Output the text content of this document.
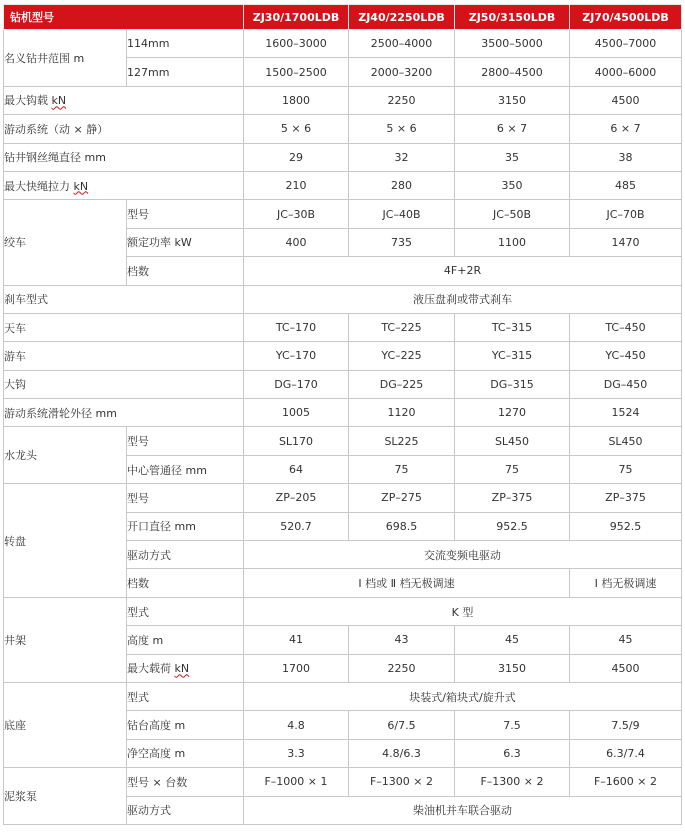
钻机型号		ZJ30/1700LDB	ZJ40/2250LDB	ZJ50/3150LDB	ZJ70/4500LDB
名义钻井范围 m	114mm	1600–3000	2500–4000	3500–5000	4500–7000
	127mm	1500–2500	2000–3200	2800–4500	4000–6000
最大钩载 kN		1800	2250	3150	4500
游动系统（动 × 静）		5 × 6	5 × 6	6 × 7	6 × 7
钻井钢丝绳直径 mm		29	32	35	38
最大快绳拉力 kN		210	280	350	485
绞车	型号	JC–30B	JC–40B	JC–50B	JC–70B
	额定功率 kW	400	735	1100	1470
	档数	4F+2R			
刹车型式		液压盘刹或带式刹车			
天车		TC–170	TC–225	TC–315	TC–450
游车		YC–170	YC–225	YC–315	YC–450
大钩		DG–170	DG–225	DG–315	DG–450
游动系统滑轮外径 mm		1005	1120	1270	1524
水龙头	型号	SL170	SL225	SL450	SL450
	中心管通径 mm	64	75	75	75
转盘	型号	ZP–205	ZP–275	ZP–375	ZP–375
	开口直径 mm	520.7	698.5	952.5	952.5
	驱动方式	交流变频电驱动			
	档数	Ⅰ 档或 Ⅱ 档无极调速			Ⅰ 档无极调速
井架	型式	K 型			
	高度 m	41	43	45	45
	最大载荷 kN	1700	2250	3150	4500
底座	型式	块装式/箱块式/旋升式			
	钻台高度 m	4.8	6/7.5	7.5	7.5/9
	净空高度 m	3.3	4.8/6.3	6.3	6.3/7.4
泥浆泵	型号 × 台数	F–1000 × 1	F–1300 × 2	F–1300 × 2	F–1600 × 2
	驱动方式	柴油机并车联合驱动			
